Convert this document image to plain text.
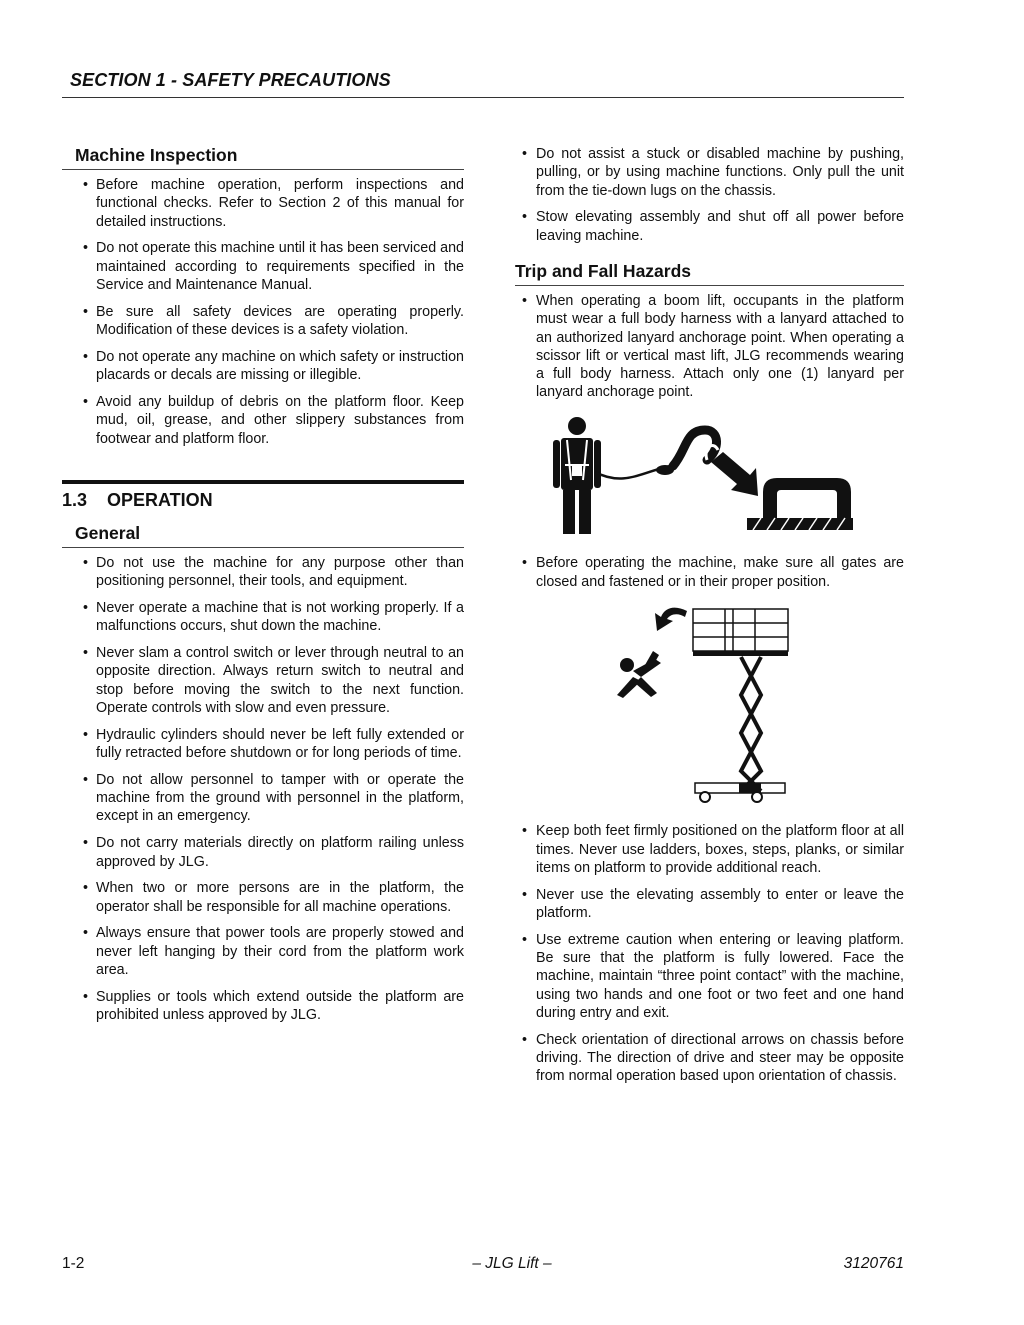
SECTION 1 - SAFETY PRECAUTIONS
Machine Inspection
• Before machine operation, perform inspections and functional checks. Refer to Section 2 of this manual for detailed instructions.
• Do not operate this machine until it has been serviced and maintained according to requirements specified in the Service and Maintenance Manual.
• Be sure all safety devices are operating properly. Modification of these devices is a safety violation.
• Do not operate any machine on which safety or instruction placards or decals are missing or illegible.
• Avoid any buildup of debris on the platform floor. Keep mud, oil, grease, and other slippery substances from footwear and platform floor.
1.3 OPERATION
General
• Do not use the machine for any purpose other than positioning personnel, their tools, and equipment.
• Never operate a machine that is not working properly. If a malfunctions occurs, shut down the machine.
• Never slam a control switch or lever through neutral to an opposite direction. Always return switch to neutral and stop before moving the switch to the next function. Operate controls with slow and even pressure.
• Hydraulic cylinders should never be left fully extended or fully retracted before shutdown or for long periods of time.
• Do not allow personnel to tamper with or operate the machine from the ground with personnel in the platform, except in an emergency.
• Do not carry materials directly on platform railing unless approved by JLG.
• When two or more persons are in the platform, the operator shall be responsible for all machine operations.
• Always ensure that power tools are properly stowed and never left hanging by their cord from the platform work area.
• Supplies or tools which extend outside the platform are prohibited unless approved by JLG.
• Do not assist a stuck or disabled machine by pushing, pulling, or by using machine functions. Only pull the unit from the tie-down lugs on the chassis.
• Stow elevating assembly and shut off all power before leaving machine.
Trip and Fall Hazards
• When operating a boom lift, occupants in the platform must wear a full body harness with a lanyard attached to an authorized lanyard anchorage point. When operating a scissor lift or vertical mast lift, JLG recommends wearing a full body harness. Attach only one (1) lanyard per lanyard anchorage point.
• Before operating the machine, make sure all gates are closed and fastened or in their proper position.
• Keep both feet firmly positioned on the platform floor at all times. Never use ladders, boxes, steps, planks, or similar items on platform to provide additional reach.
• Never use the elevating assembly to enter or leave the platform.
• Use extreme caution when entering or leaving platform. Be sure that the platform is fully lowered. Face the machine, maintain “three point contact” with the machine, using two hands and one foot or two feet and one hand during entry and exit.
• Check orientation of directional arrows on chassis before driving. The direction of drive and steer may be opposite from normal operation based upon orientation of chassis.
1-2	– JLG Lift –	3120761
